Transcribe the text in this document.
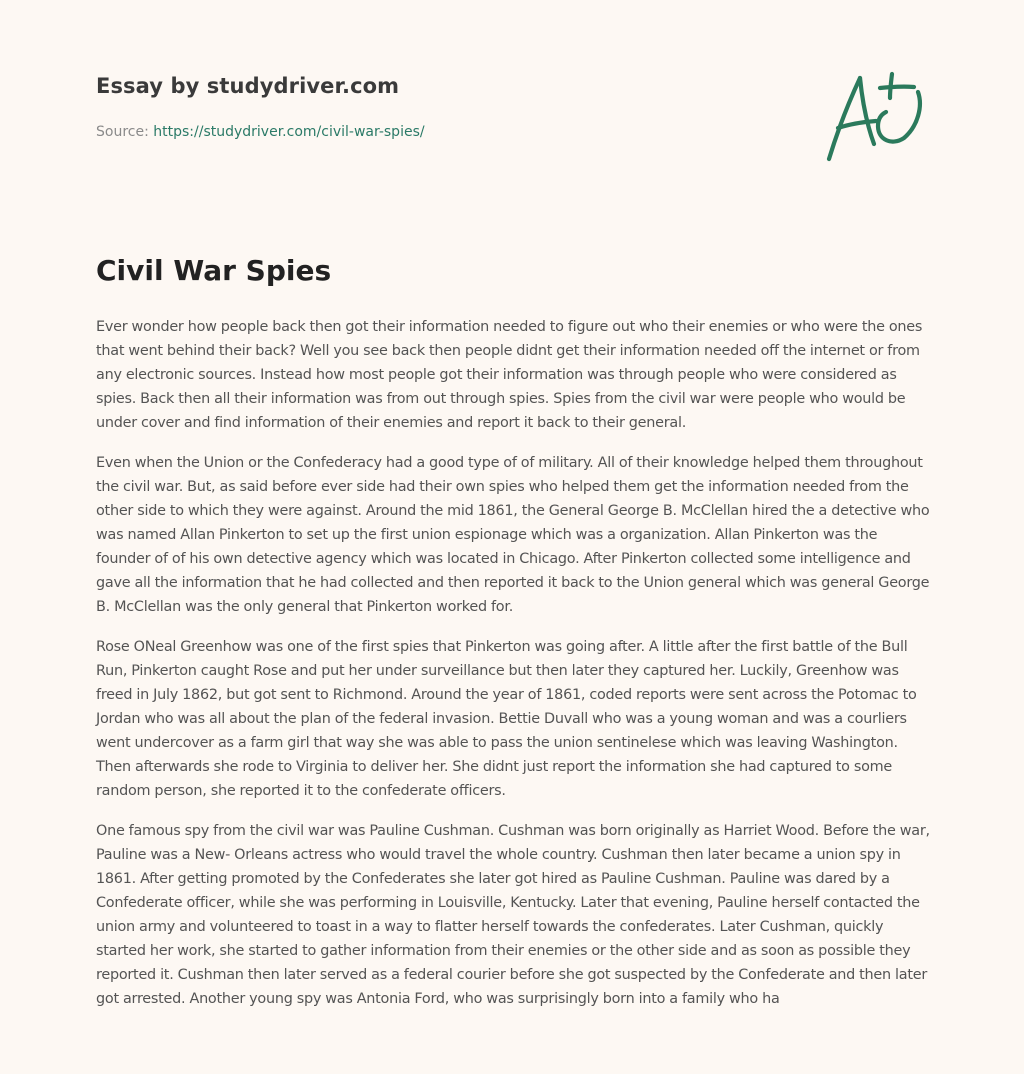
Essay by studydriver.com

Source: https://studydriver.com/civil-war-spies/

Civil War Spies

Ever wonder how people back then got their information needed to figure out who their enemies or who were the ones that went behind their back? Well you see back then people didnt get their information needed off the internet or from any electronic sources. Instead how most people got their information was through people who were considered as spies. Back then all their information was from out through spies. Spies from the civil war were people who would be under cover and find information of their enemies and report it back to their general.

Even when the Union or the Confederacy had a good type of of military. All of their knowledge helped them throughout the civil war. But, as said before ever side had their own spies who helped them get the information needed from the other side to which they were against. Around the mid 1861, the General George B. McClellan hired the a detective who was named Allan Pinkerton to set up the first union espionage which was a organization. Allan Pinkerton was the founder of of his own detective agency which was located in Chicago. After Pinkerton collected some intelligence and gave all the information that he had collected and then reported it back to the Union general which was general George B. McClellan was the only general that Pinkerton worked for.

Rose ONeal Greenhow was one of the first spies that Pinkerton was going after. A little after the first battle of the Bull Run, Pinkerton caught Rose and put her under surveillance but then later they captured her. Luckily, Greenhow was freed in July 1862, but got sent to Richmond. Around the year of 1861, coded reports were sent across the Potomac to Jordan who was all about the plan of the federal invasion. Bettie Duvall who was a young woman and was a courliers went undercover as a farm girl that way she was able to pass the union sentinelese which was leaving Washington. Then afterwards she rode to Virginia to deliver her. She didnt just report the information she had captured to some random person, she reported it to the confederate officers.

One famous spy from the civil war was Pauline Cushman. Cushman was born originally as Harriet Wood. Before the war, Pauline was a New- Orleans actress who would travel the whole country. Cushman then later became a union spy in 1861. After getting promoted by the Confederates she later got hired as Pauline Cushman. Pauline was dared by a Confederate officer, while she was performing in Louisville, Kentucky. Later that evening, Pauline herself contacted the union army and volunteered to toast in a way to flatter herself towards the confederates. Later Cushman, quickly started her work, she started to gather information from their enemies or the other side and as soon as possible they reported it. Cushman then later served as a federal courier before she got suspected by the Confederate and then later got arrested. Another young spy was Antonia Ford, who was surprisingly born into a family who ha
